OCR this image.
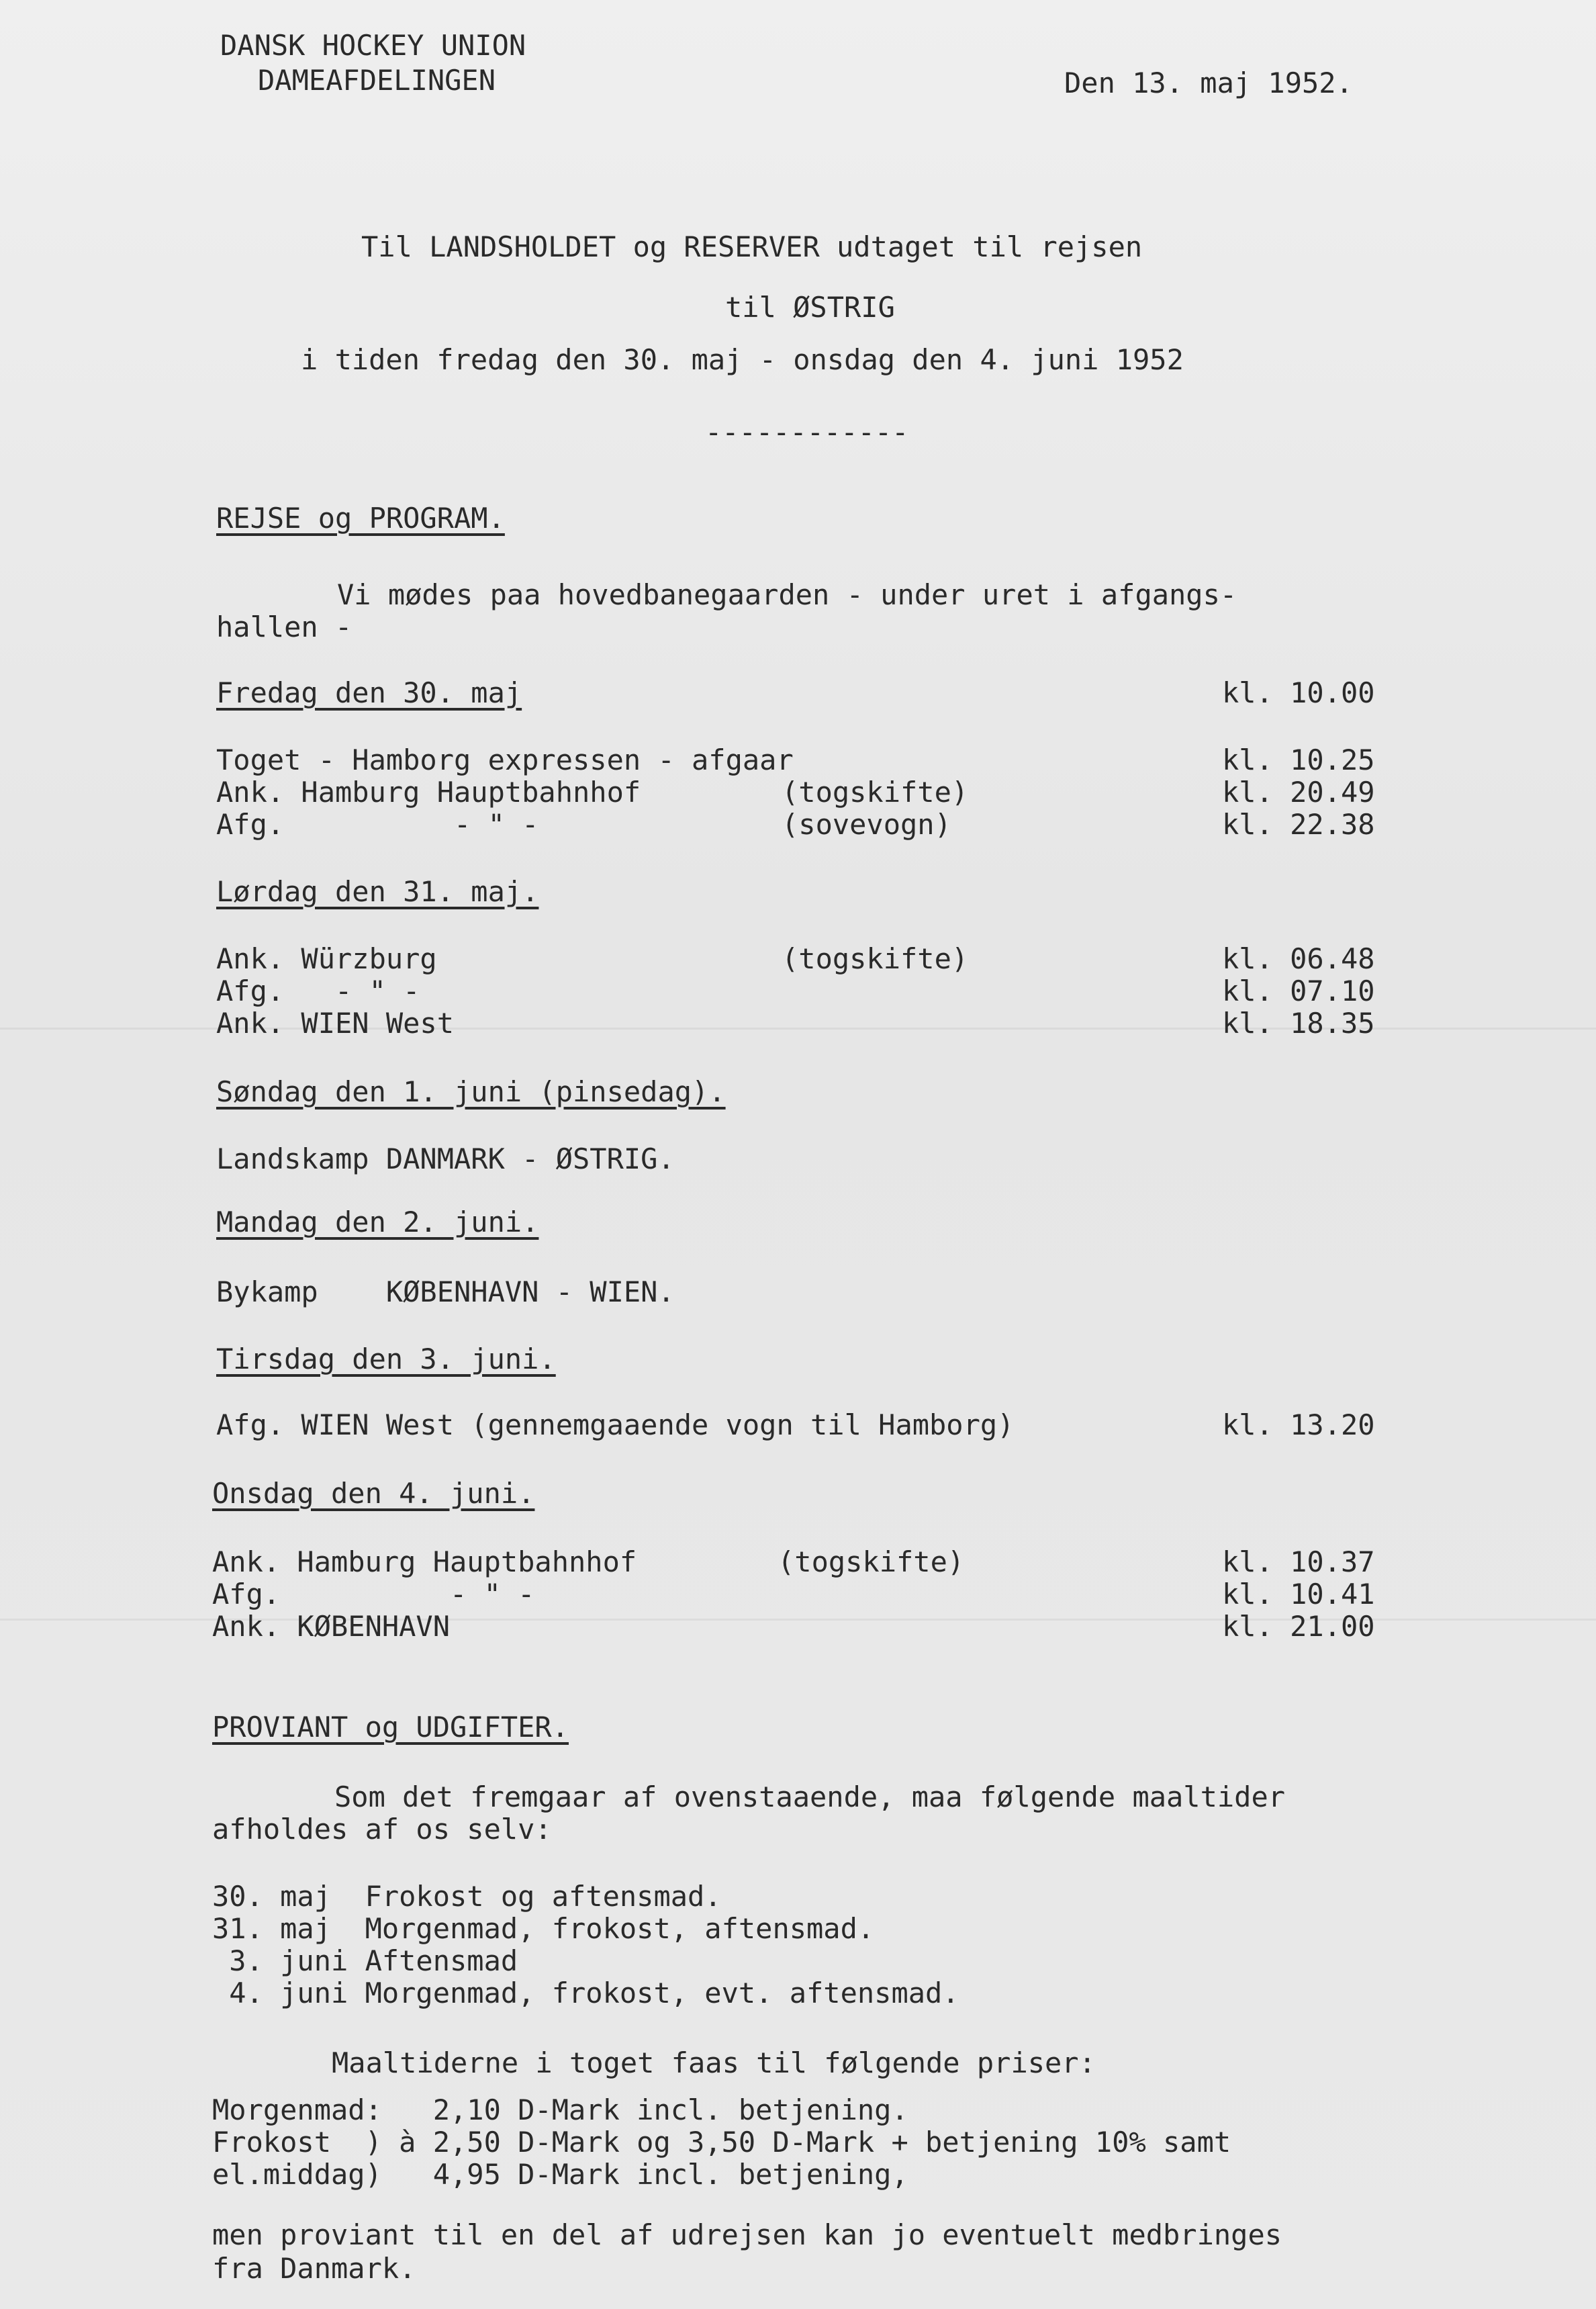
DANSK HOCKEY UNION
DAMEAFDELINGEN	Den 13. maj 1952.
Til LANDSHOLDET og RESERVER udtaget til rejsen
til ØSTRIG
i tiden fredag den 30. maj - onsdag den 4. juni 1952
------------
REJSE og PROGRAM.
Vi mødes paa hovedbanegaarden - under uret i afgangs-
hallen -
Fredag den 30. maj	kl. 10.00
Toget - Hamborg expressen - afgaar	kl. 10.25
Ank. Hamburg Hauptbahnhof	(togskifte)	kl. 20.49
Afg.          - " -	(sovevogn)	kl. 22.38
Lørdag den 31. maj.
Ank. Würzburg	(togskifte)	kl. 06.48
Afg.   - " -	kl. 07.10
Ank. WIEN West	kl. 18.35
Søndag den 1. juni (pinsedag).
Landskamp DANMARK - ØSTRIG.
Mandag den 2. juni.
Bykamp    KØBENHAVN - WIEN.
Tirsdag den 3. juni.
Afg. WIEN West (gennemgaaende vogn til Hamborg)	kl. 13.20
Onsdag den 4. juni.
Ank. Hamburg Hauptbahnhof	(togskifte)	kl. 10.37
Afg.          - " -	kl. 10.41
Ank. KØBENHAVN	kl. 21.00
PROVIANT og UDGIFTER.
Som det fremgaar af ovenstaaende, maa følgende maaltider
afholdes af os selv:
30. maj  Frokost og aftensmad.
31. maj  Morgenmad, frokost, aftensmad.
3. juni Aftensmad
4. juni Morgenmad, frokost, evt. aftensmad.
Maaltiderne i toget faas til følgende priser:
Morgenmad:   2,10 D-Mark incl. betjening.
Frokost  ) à 2,50 D-Mark og 3,50 D-Mark + betjening 10% samt
el.middag)   4,95 D-Mark incl. betjening,
men proviant til en del af udrejsen kan jo eventuelt medbringes
fra Danmark.
